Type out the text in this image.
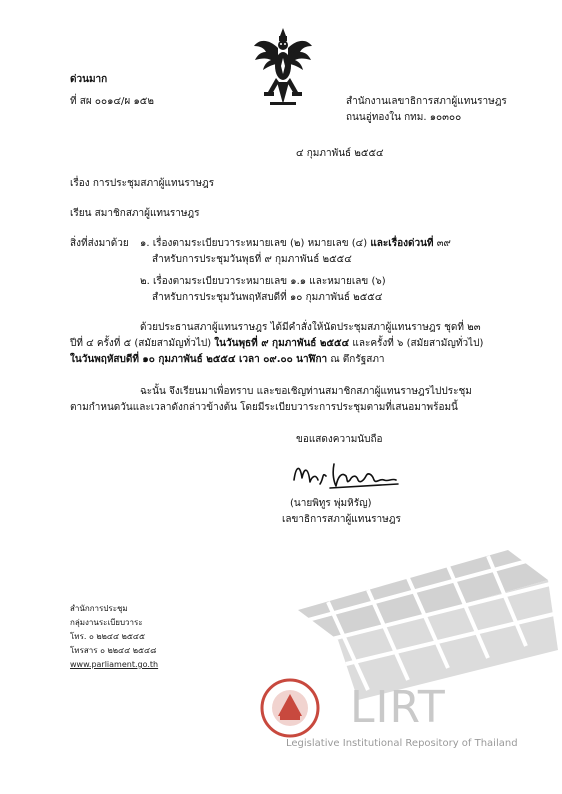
ด่วนมาก
ที่ สผ ๐๐๑๔/ผ ๑๕๒	สำนักงานเลขาธิการสภาผู้แทนราษฎร
ถนนอู่ทองใน กทม. ๑๐๓๐๐
๔ กุมภาพันธ์ ๒๕๕๔
เรื่อง การประชุมสภาผู้แทนราษฎร
เรียน สมาชิกสภาผู้แทนราษฎร
สิ่งที่ส่งมาด้วย ๑. เรื่องตามระเบียบวาระหมายเลข (๒) หมายเลข (๔) และเรื่องด่วนที่ ๓๙
สำหรับการประชุมวันพุธที่ ๙ กุมภาพันธ์ ๒๕๕๔
๒. เรื่องตามระเบียบวาระหมายเลข ๑.๑ และหมายเลข (๖)
สำหรับการประชุมวันพฤหัสบดีที่ ๑๐ กุมภาพันธ์ ๒๕๕๔
ด้วยประธานสภาผู้แทนราษฎร ได้มีคำสั่งให้นัดประชุมสภาผู้แทนราษฎร ชุดที่ ๒๓
ปีที่ ๔ ครั้งที่ ๕ (สมัยสามัญทั่วไป) ในวันพุธที่ ๙ กุมภาพันธ์ ๒๕๕๔ และครั้งที่ ๖ (สมัยสามัญทั่วไป)
ในวันพฤหัสบดีที่ ๑๐ กุมภาพันธ์ ๒๕๕๔ เวลา ๐๙.๐๐ นาฬิกา ณ ตึกรัฐสภา
ฉะนั้น จึงเรียนมาเพื่อทราบ และขอเชิญท่านสมาชิกสภาผู้แทนราษฎรไปประชุม
ตามกำหนดวันและเวลาดังกล่าวข้างต้น โดยมีระเบียบวาระการประชุมตามที่เสนอมาพร้อมนี้
ขอแสดงความนับถือ
(นายพิทูร พุ่มหิรัญ)
เลขาธิการสภาผู้แทนราษฎร
LIRT
Legislative Institutional Repository of Thailand
สำนักการประชุม
กลุ่มงานระเบียบวาระ
โทร. ๐ ๒๒๔๔ ๒๕๔๕
โทรสาร ๐ ๒๒๔๔ ๒๕๔๘
www.parliament.go.th
